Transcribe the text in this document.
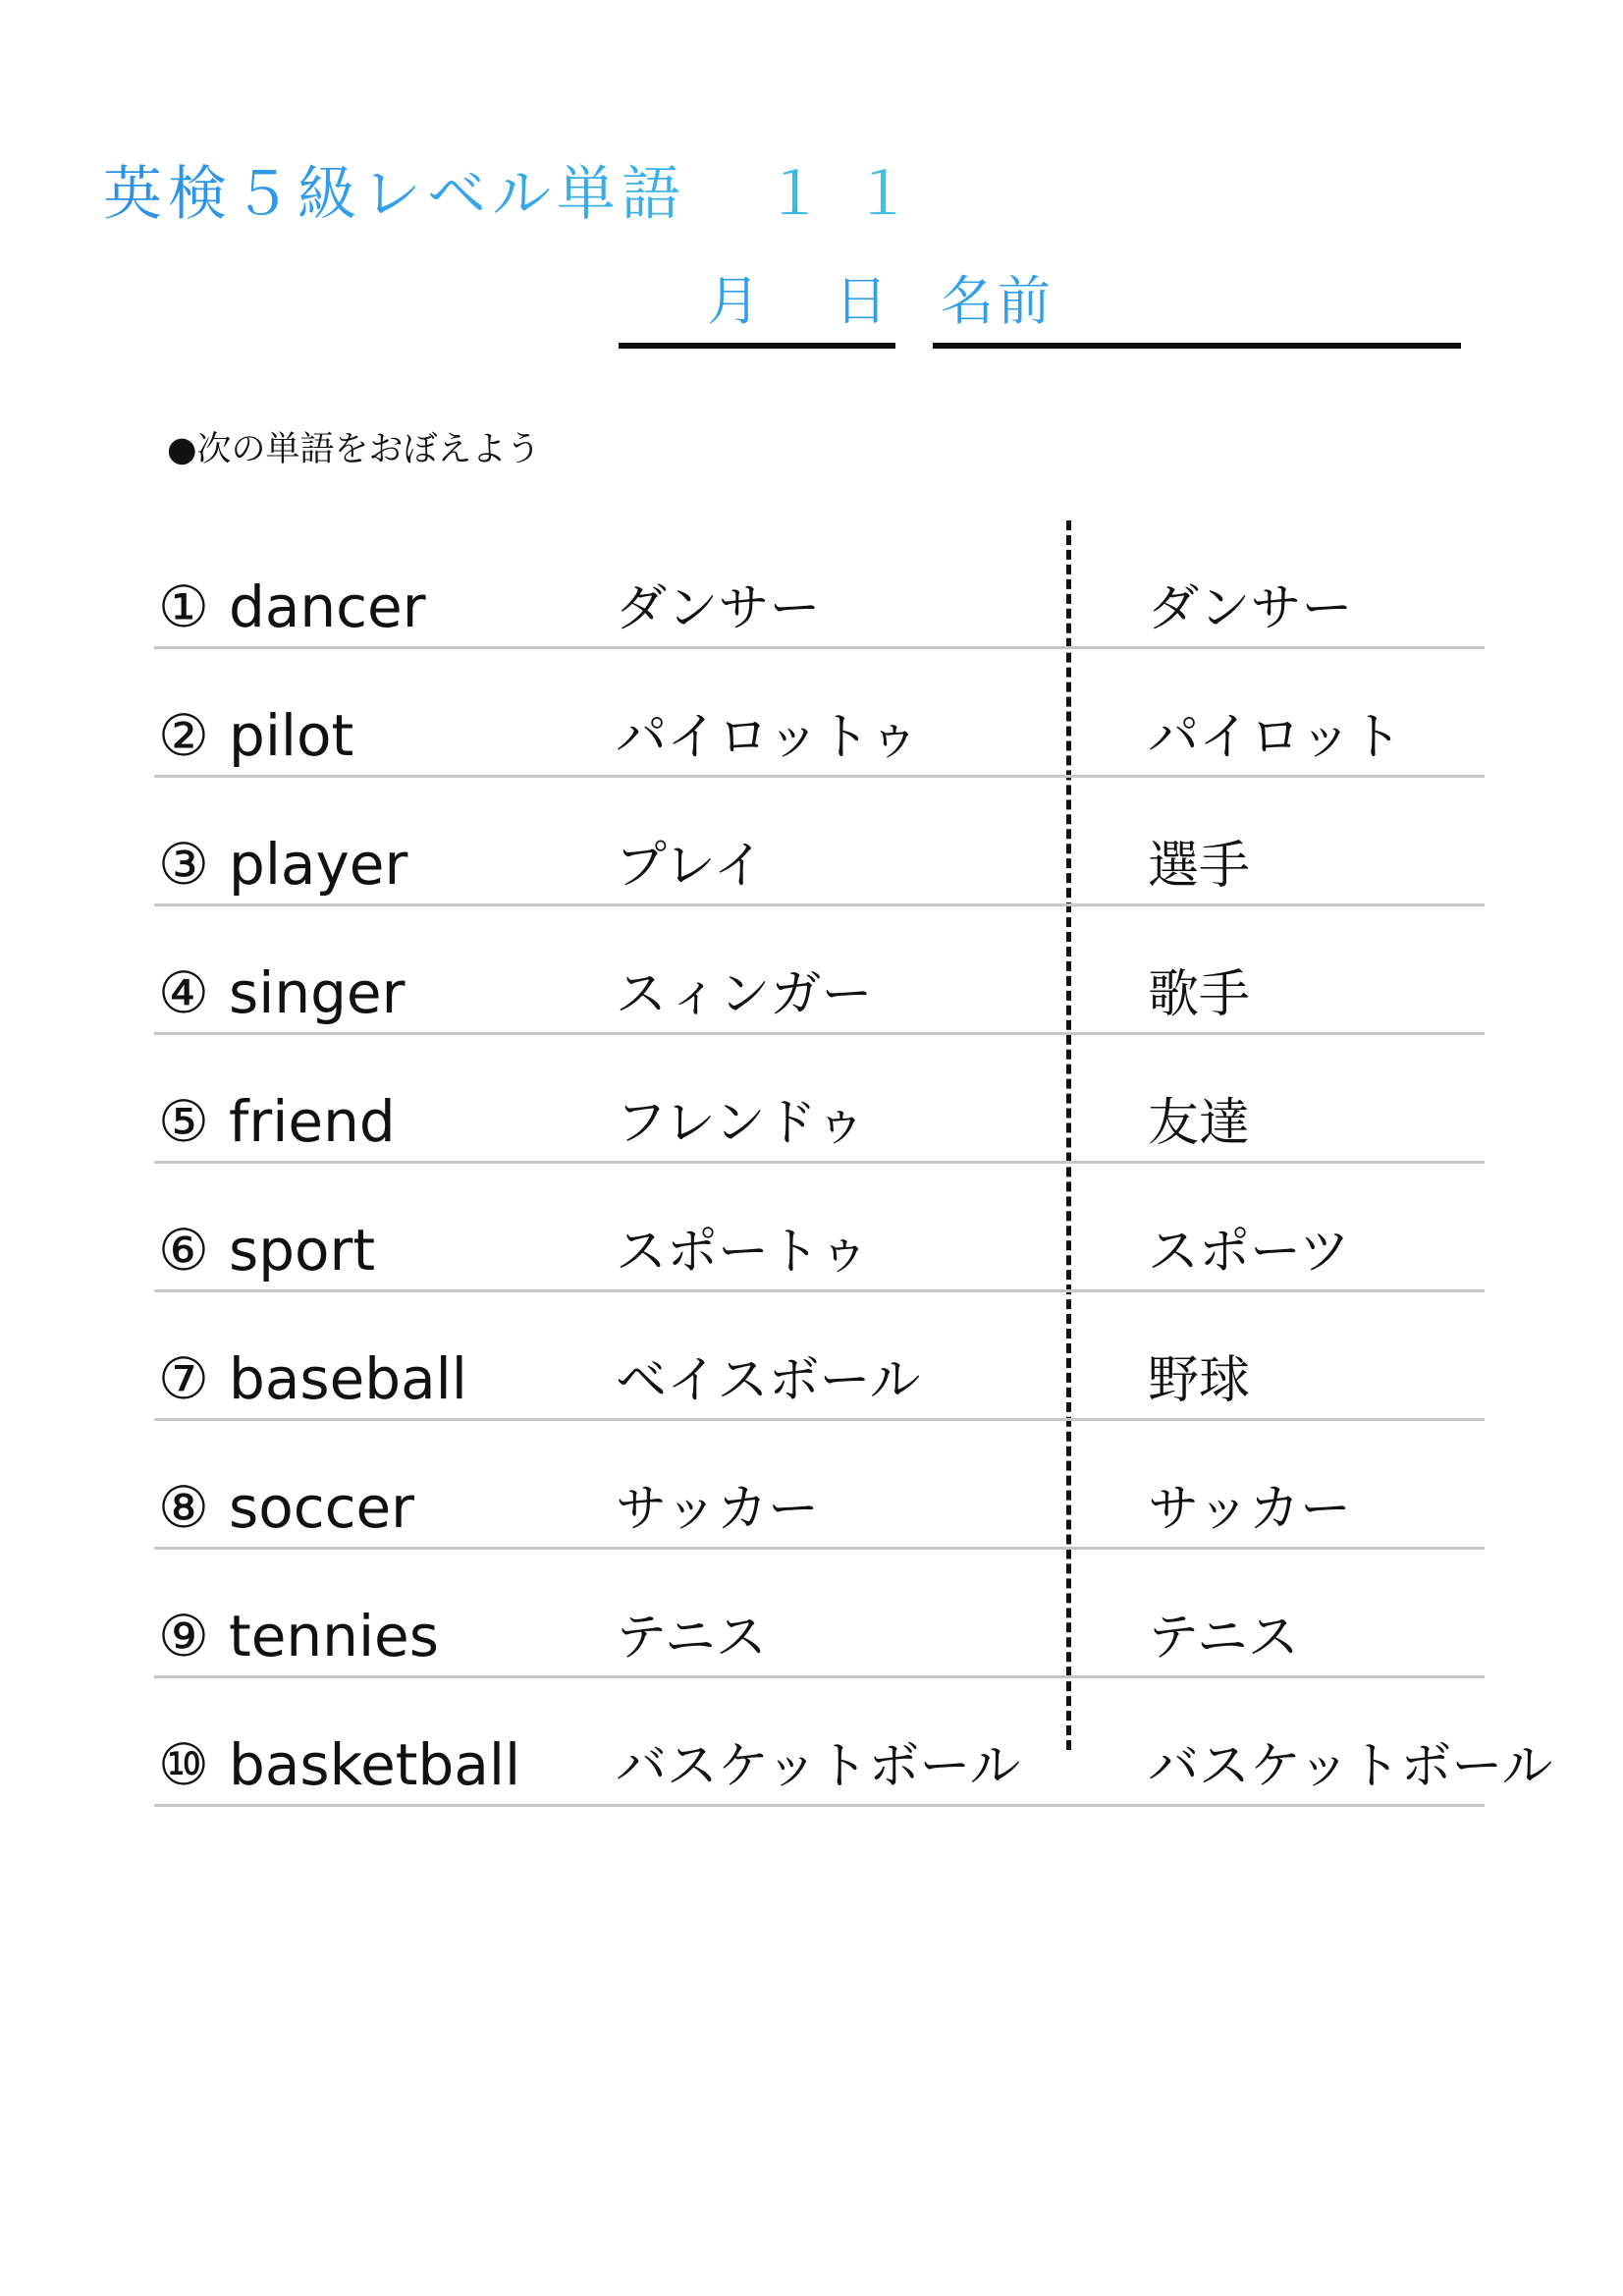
英検５級レベル単語 １１
月 日 名前
●次の単語をおぼえよう
① dancer	ダンサー	ダンサー
② pilot	パイロットゥ	パイロット
③ player	プレイ	選手
④ singer	スィンガー	歌手
⑤ friend	フレンドゥ	友達
⑥ sport	スポートゥ	スポーツ
⑦ baseball	ベイスボール	野球
⑧ soccer	サッカー	サッカー
⑨ tennies	テニス	テニス
⑩ basketball バスケットボール バスケットボール
